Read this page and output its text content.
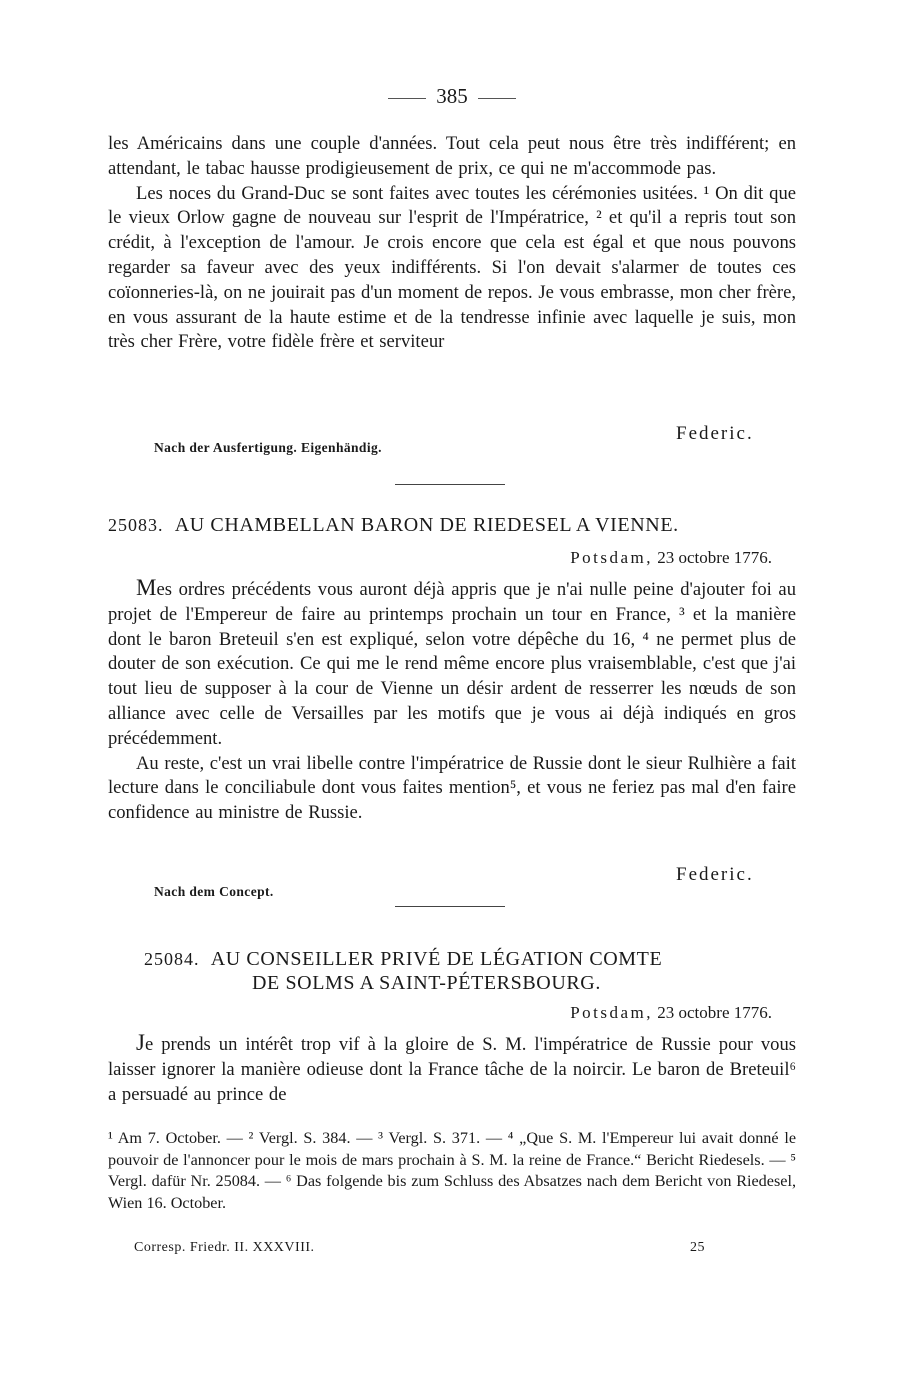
385
les Américains dans une couple d'années. Tout cela peut nous être très indifférent; en attendant, le tabac hausse prodigieusement de prix, ce qui ne m'accommode pas.
Les noces du Grand-Duc se sont faites avec toutes les cérémonies usitées. ¹ On dit que le vieux Orlow gagne de nouveau sur l'esprit de l'Impératrice, ² et qu'il a repris tout son crédit, à l'exception de l'amour. Je crois encore que cela est égal et que nous pouvons regarder sa faveur avec des yeux indifférents. Si l'on devait s'alarmer de toutes ces coïonneries-là, on ne jouirait pas d'un moment de repos. Je vous embrasse, mon cher frère, en vous assurant de la haute estime et de la tendresse infinie avec laquelle je suis, mon très cher Frère, votre fidèle frère et serviteur
Federic.
Nach der Ausfertigung. Eigenhändig.
25083. AU CHAMBELLAN BARON DE RIEDESEL A VIENNE.
Potsdam, 23 octobre 1776.
Mes ordres précédents vous auront déjà appris que je n'ai nulle peine d'ajouter foi au projet de l'Empereur de faire au printemps prochain un tour en France, ³ et la manière dont le baron Breteuil s'en est expliqué, selon votre dépêche du 16, ⁴ ne permet plus de douter de son exécution. Ce qui me le rend même encore plus vraisemblable, c'est que j'ai tout lieu de supposer à la cour de Vienne un désir ardent de resserrer les nœuds de son alliance avec celle de Versailles par les motifs que je vous ai déjà indiqués en gros précédemment.
Au reste, c'est un vrai libelle contre l'impératrice de Russie dont le sieur Rulhière a fait lecture dans le conciliabule dont vous faites mention⁵, et vous ne feriez pas mal d'en faire confidence au ministre de Russie.
Federic.
Nach dem Concept.
25084. AU CONSEILLER PRIVÉ DE LÉGATION COMTE
DE SOLMS A SAINT-PÉTERSBOURG.
Potsdam, 23 octobre 1776.
Je prends un intérêt trop vif à la gloire de S. M. l'impératrice de Russie pour vous laisser ignorer la manière odieuse dont la France tâche de la noircir. Le baron de Breteuil⁶ a persuadé au prince de
¹ Am 7. October. — ² Vergl. S. 384. — ³ Vergl. S. 371. — ⁴ „Que S. M. l'Empereur lui avait donné le pouvoir de l'annoncer pour le mois de mars prochain à S. M. la reine de France.“ Bericht Riedesels. — ⁵ Vergl. dafür Nr. 25084. — ⁶ Das folgende bis zum Schluss des Absatzes nach dem Bericht von Riedesel, Wien 16. October.
Corresp. Friedr. II. XXXVIII.	25
